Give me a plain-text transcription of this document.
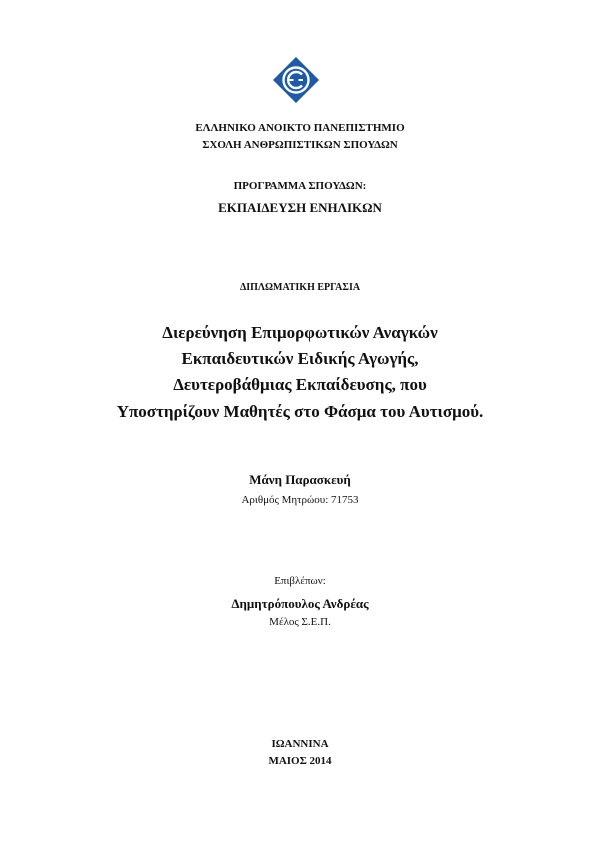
ΕΛΛΗΝΙΚΟ ΑΝΟΙΚΤΟ ΠΑΝΕΠΙΣΤΗΜΙΟ
ΣΧΟΛΗ ΑΝΘΡΩΠΙΣΤΙΚΩΝ ΣΠΟΥΔΩΝ
ΠΡΟΓΡΑΜΜΑ ΣΠΟΥΔΩΝ:
ΕΚΠΑΙΔΕΥΣΗ ΕΝΗΛΙΚΩΝ
ΔΙΠΛΩΜΑΤΙΚΗ ΕΡΓΑΣΙΑ
Διερεύνηση Επιμορφωτικών Αναγκών
Εκπαιδευτικών Ειδικής Αγωγής,
Δευτεροβάθμιας Εκπαίδευσης, που
Υποστηρίζουν Μαθητές στο Φάσμα του Αυτισμού.
Μάνη Παρασκευή
Αριθμός Μητρώου: 71753
Επιβλέπων:
Δημητρόπουλος Ανδρέας
Μέλος Σ.Ε.Π.
ΙΩΑΝΝΙΝΑ
ΜΑΙΟΣ 2014
